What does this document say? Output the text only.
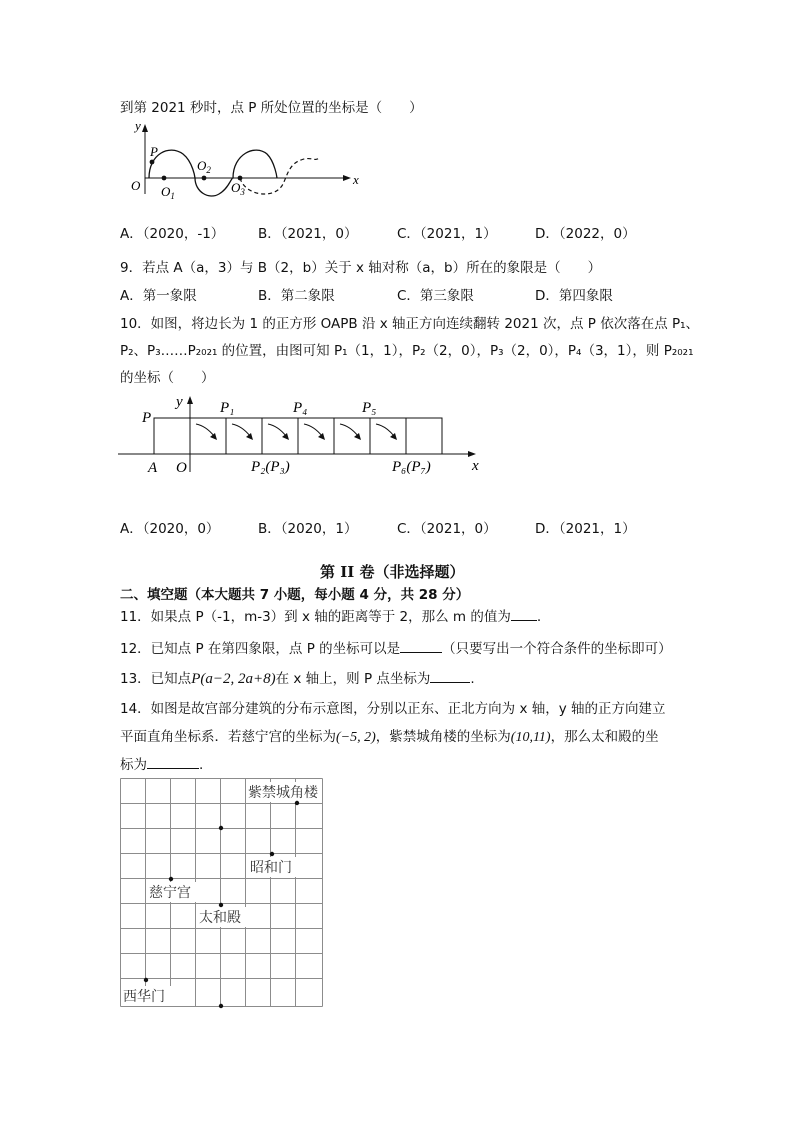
到第 2021 秒时，点 P 所处位置的坐标是（　　）
y
x
P
O $O_1$
$O_2$
$O_3$
A．（2020，-1） B．（2021，0）	C．（2021，1）	D．（2022，0）
9．若点 A（a，3）与 B（2，b）关于 x 轴对称（a，b）所在的象限是（　　）
A．第一象限	B．第二象限	C．第三象限	D．第四象限
10．如图，将边长为 1 的正方形 OAPB 沿 x 轴正方向连续翻转 2021 次，点 P 依次落在点 P₁、
P₂、P₃……P₂₀₂₁ 的位置，由图可知 P₁（1，1），P₂（2，0），P₃（2，0），P₄（3，1），则 P₂₀₂₁
的坐标（　　）
P
A O
y
x
P₁	P₄	P₅
P₂(P₃)	P₆(P₇)
A．（2020，0）	B．（2020，1）	C．（2021，0）	D．（2021，1）
第 II 卷（非选择题）
二、填空题（本大题共 7 小题，每小题 4 分，共 28 分）
11．如果点 P（-1，m-3）到 x 轴的距离等于 2，那么 m 的值为 .
12．已知点 P 在第四象限，点 P 的坐标可以是	（只要写出一个符合条件的坐标即可）
13．已知点P(a−2, 2a+8)在 x 轴上，则 P 点坐标为	.
14．如图是故宫部分建筑的分布示意图，分别以正东、正北方向为 x 轴，y 轴的正方向建立
平面直角坐标系．若慈宁宫的坐标为(−5, 2)，紫禁城角楼的坐标为(10,11)，那么太和殿的坐
标为	.
紫禁城角楼
昭和门
慈宁宫
太和殿
西华门
